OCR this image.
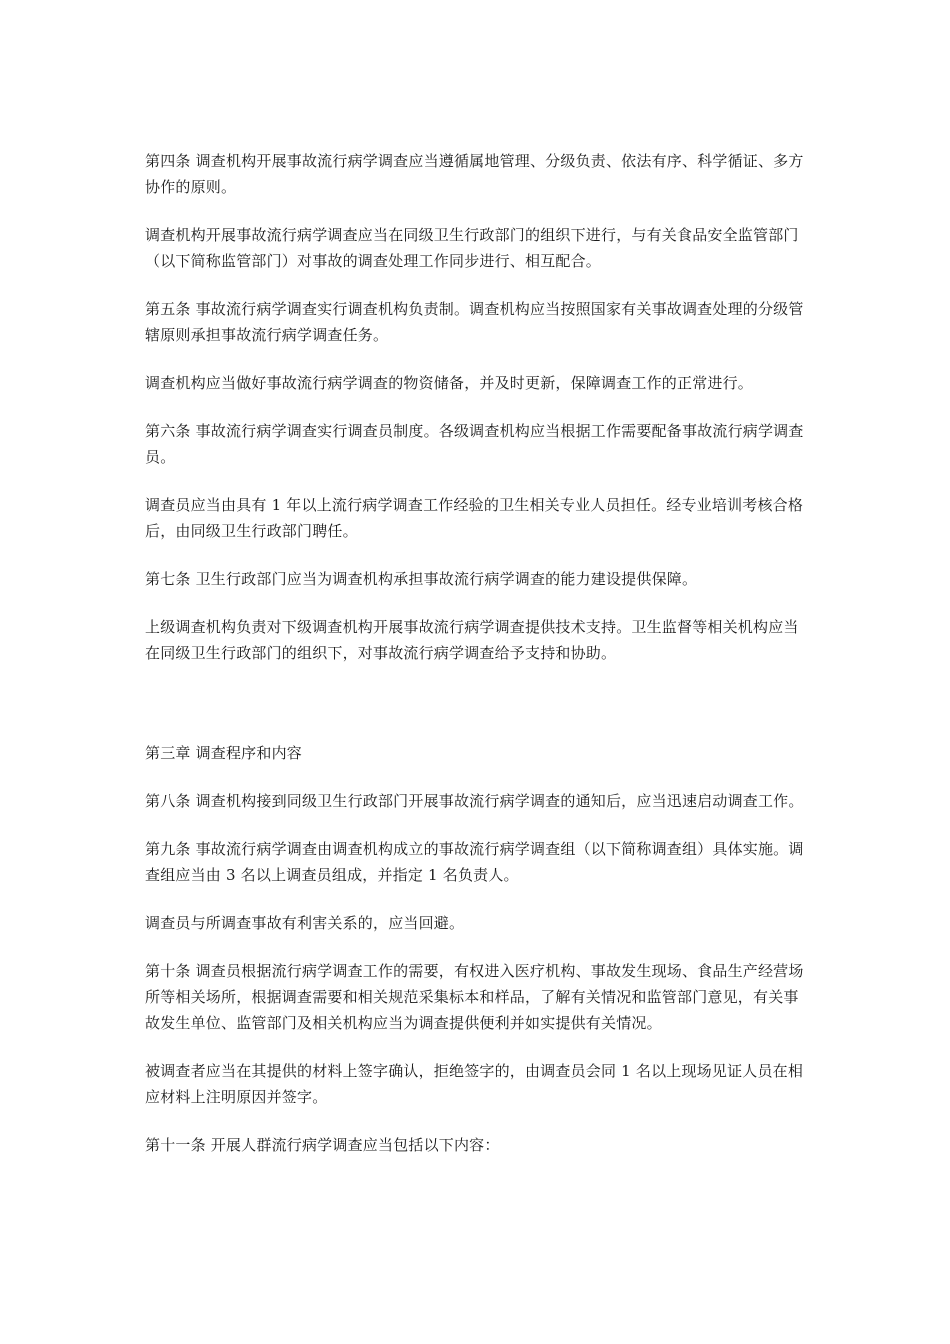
第四条 调查机构开展事故流行病学调查应当遵循属地管理、分级负责、依法有序、科学循证、多方协作的原则。

调查机构开展事故流行病学调查应当在同级卫生行政部门的组织下进行，与有关食品安全监管部门（以下简称监管部门）对事故的调查处理工作同步进行、相互配合。

第五条 事故流行病学调查实行调查机构负责制。调查机构应当按照国家有关事故调查处理的分级管辖原则承担事故流行病学调查任务。

调查机构应当做好事故流行病学调查的物资储备，并及时更新，保障调查工作的正常进行。

第六条 事故流行病学调查实行调查员制度。各级调查机构应当根据工作需要配备事故流行病学调查员。

调查员应当由具有 1 年以上流行病学调查工作经验的卫生相关专业人员担任。经专业培训考核合格后，由同级卫生行政部门聘任。

第七条 卫生行政部门应当为调查机构承担事故流行病学调查的能力建设提供保障。

上级调查机构负责对下级调查机构开展事故流行病学调查提供技术支持。卫生监督等相关机构应当在同级卫生行政部门的组织下，对事故流行病学调查给予支持和协助。

第三章 调查程序和内容

第八条 调查机构接到同级卫生行政部门开展事故流行病学调查的通知后，应当迅速启动调查工作。

第九条 事故流行病学调查由调查机构成立的事故流行病学调查组（以下简称调查组）具体实施。调查组应当由 3 名以上调查员组成，并指定 1 名负责人。

调查员与所调查事故有利害关系的，应当回避。

第十条 调查员根据流行病学调查工作的需要，有权进入医疗机构、事故发生现场、食品生产经营场所等相关场所，根据调查需要和相关规范采集标本和样品，了解有关情况和监管部门意见，有关事故发生单位、监管部门及相关机构应当为调查提供便利并如实提供有关情况。

被调查者应当在其提供的材料上签字确认，拒绝签字的，由调查员会同 1 名以上现场见证人员在相应材料上注明原因并签字。

第十一条 开展人群流行病学调查应当包括以下内容：
